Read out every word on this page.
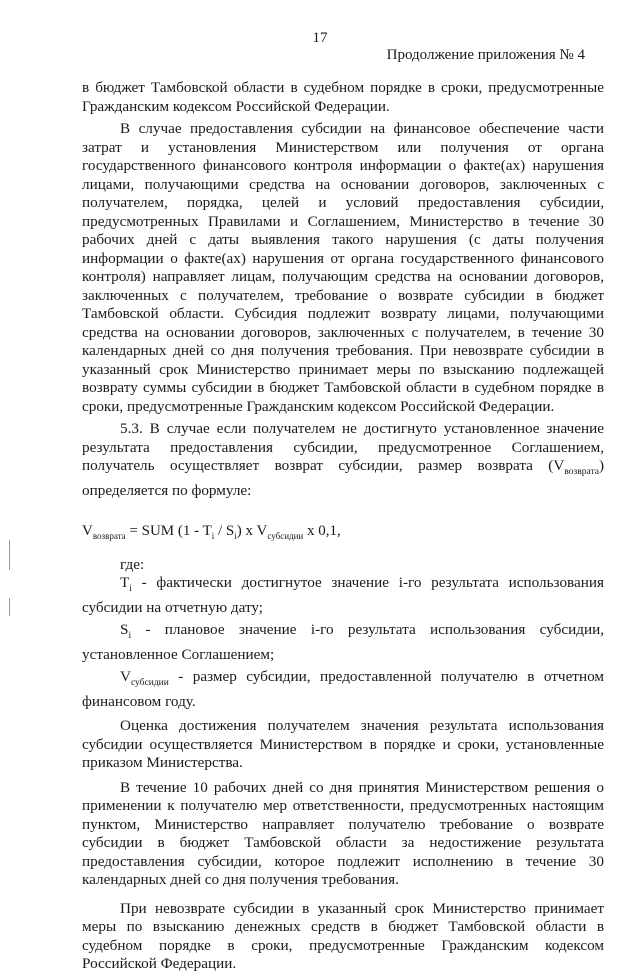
17
Продолжение приложения № 4

в бюджет Тамбовской области в судебном порядке в сроки, предусмотренные Гражданским кодексом Российской Федерации.

В случае предоставления субсидии на финансовое обеспечение части затрат и установления Министерством или получения от органа государственного финансового контроля информации о факте(ах) нарушения лицами, получающими средства на основании договоров, заключенных с получателем, порядка, целей и условий предоставления субсидии, предусмотренных Правилами и Соглашением, Министерство в течение 30 рабочих дней с даты выявления такого нарушения (с даты получения информации о факте(ах) нарушения от органа государственного финансового контроля) направляет лицам, получающим средства на основании договоров, заключенных с получателем, требование о возврате субсидии в бюджет Тамбовской области. Субсидия подлежит возврату лицами, получающими средства на основании договоров, заключенных с получателем, в течение 30 календарных дней со дня получения требования. При невозврате субсидии в указанный срок Министерство принимает меры по взысканию подлежащей возврату суммы субсидии в бюджет Тамбовской области в судебном порядке в сроки, предусмотренные Гражданским кодексом Российской Федерации.

5.3. В случае если получателем не достигнуто установленное значение результата предоставления субсидии, предусмотренное Соглашением, получатель осуществляет возврат субсидии, размер возврата $(V_{возврата})$ определяется по формуле:

$V_{возврата}$ = SUM $(1 - T_i / S_i)$ x $V_{субсидии}$ x 0,1,

где:

$T_i$ - фактически достигнутое значение i-го результата использования субсидии на отчетную дату;

$S_i$ - плановое значение i-го результата использования субсидии, установленное Соглашением;

$V_{субсидии}$ - размер субсидии, предоставленной получателю в отчетном финансовом году.

Оценка достижения получателем значения результата использования субсидии осуществляется Министерством в порядке и сроки, установленные приказом Министерства.

В течение 10 рабочих дней со дня принятия Министерством решения о применении к получателю мер ответственности, предусмотренных настоящим пунктом, Министерство направляет получателю требование о возврате субсидии в бюджет Тамбовской области за недостижение результата предоставления субсидии, которое подлежит исполнению в течение 30 календарных дней со дня получения требования.

При невозврате субсидии в указанный срок Министерство принимает меры по взысканию денежных средств в бюджет Тамбовской области в судебном порядке в сроки, предусмотренные Гражданским кодексом Российской Федерации.
